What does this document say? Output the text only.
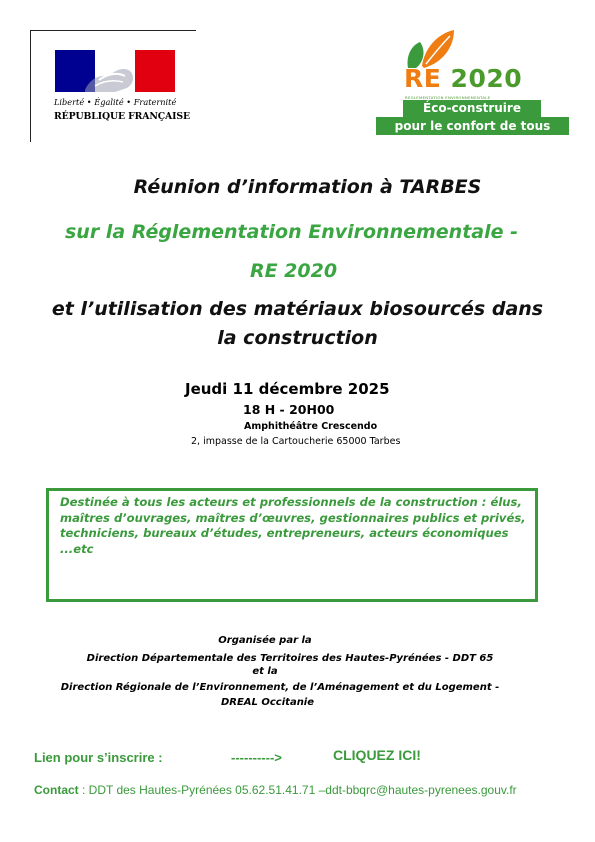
Liberté • Égalité • Fraternité
RÉPUBLIQUE FRANÇAISE
RE 2020
RÉGLEMENTATION ENVIRONNEMENTALE
Éco-construire
pour le confort de tous
Réunion d’information à TARBES
sur la Réglementation Environnementale -
RE 2020
et l’utilisation des matériaux biosourcés dans
la construction
Jeudi 11 décembre 2025
18 H - 20H00
Amphithéâtre Crescendo
2, impasse de la Cartoucherie 65000 Tarbes
Destinée à tous les acteurs et professionnels de la construction : élus, maîtres d’ouvrages, maîtres d’œuvres, gestionnaires publics et privés, techniciens, bureaux d’études, entrepreneurs, acteurs économiques ...etc
Organisée par la
Direction Départementale des Territoires des Hautes-Pyrénées - DDT 65
et la
Direction Régionale de l’Environnement, de l’Aménagement et du Logement -
DREAL Occitanie
Lien pour s’inscrire :	---------->	CLIQUEZ ICI!
Contact : DDT des Hautes-Pyrénées 05.62.51.41.71 –ddt-bbqrc@hautes-pyrenees.gouv.fr
